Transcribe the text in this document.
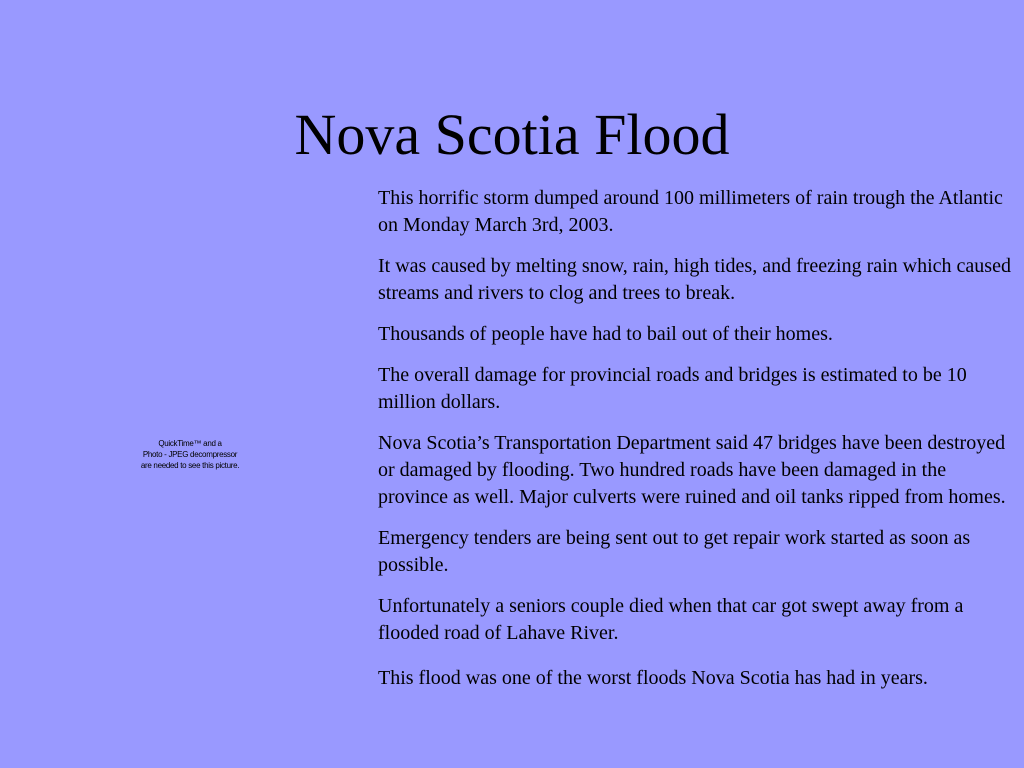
Nova Scotia Flood
QuickTime™ and a
Photo - JPEG decompressor
are needed to see this picture.

This horrific storm dumped around 100 millimeters of rain trough the Atlantic on Monday March 3rd, 2003.

It was caused by melting snow, rain, high tides, and freezing rain which caused streams and rivers to clog and trees to break.

Thousands of people have had to bail out of their homes.

The overall damage for provincial roads and bridges is estimated to be 10 million dollars.

Nova Scotia’s Transportation Department said 47 bridges have been destroyed or damaged by flooding. Two hundred roads have been damaged in the province as well. Major culverts were ruined and oil tanks ripped from homes.

Emergency tenders are being sent out to get repair work started as soon as possible.

Unfortunately a seniors couple died when that car got swept away from a flooded road of Lahave River.

This flood was one of the worst floods Nova Scotia has had in years.
